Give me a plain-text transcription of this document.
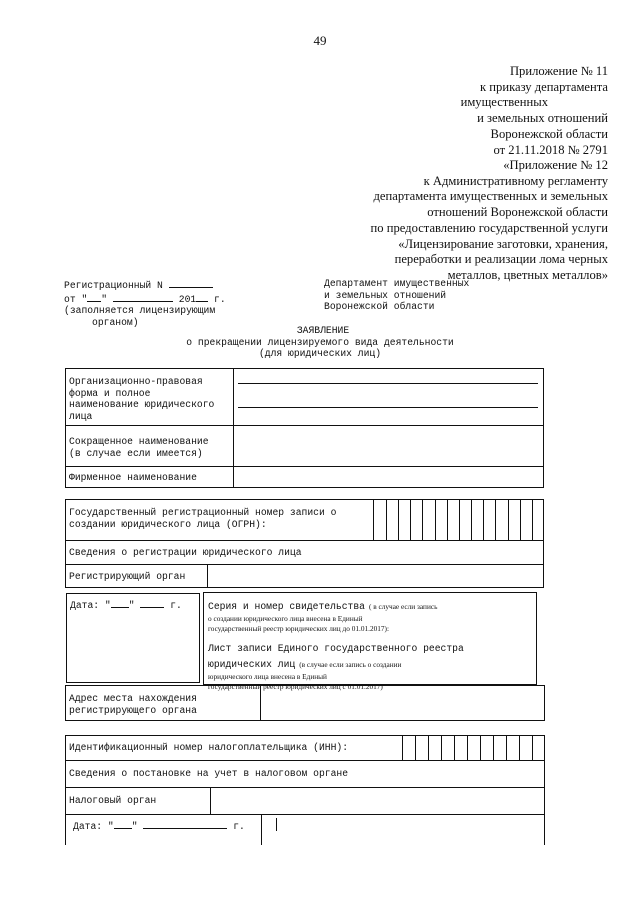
49
Приложение № 11
к приказу департамента
имущественных
и земельных отношений
Воронежской области
от 21.11.2018 № 2791
«Приложение № 12
к Административному регламенту
департамента имущественных и земельных
отношений Воронежской области
по предоставлению государственной услуги
«Лицензирование заготовки, хранения,
переработки и реализации лома черных
металлов, цветных металлов»
Регистрационный N
от " "	201 г.
(заполняется лицензирующим
органом)
Департамент имущественных
и земельных отношений
Воронежской области
ЗАЯВЛЕНИЕ
о прекращении лицензируемого вида деятельности
(для юридических лиц)
Организационно-правовая
форма и полное
наименование юридического
лица
Сокращенное наименование
(в случае если имеется)
Фирменное наименование
Государственный регистрационный номер записи о
создании юридического лица (ОГРН):
Сведения о регистрации юридического лица
Регистрирующий орган
Дата: " "	г.	Серия и номер свидетельства ( в случае если запись
о создании юридического лица внесена в Единый
государственный реестр юридических лиц до 01.01.2017):
Лист записи Единого государственного реестра
юридических лиц (в случае если запись о создании
юридического лица внесена в Единый
государственный реестр юридических лиц с 01.01.2017)
Адрес места нахождения
регистрирующего органа
Идентификационный номер налогоплательщика (ИНН):
Сведения о постановке на учет в налоговом органе
Налоговый орган
Дата: " "	г.
